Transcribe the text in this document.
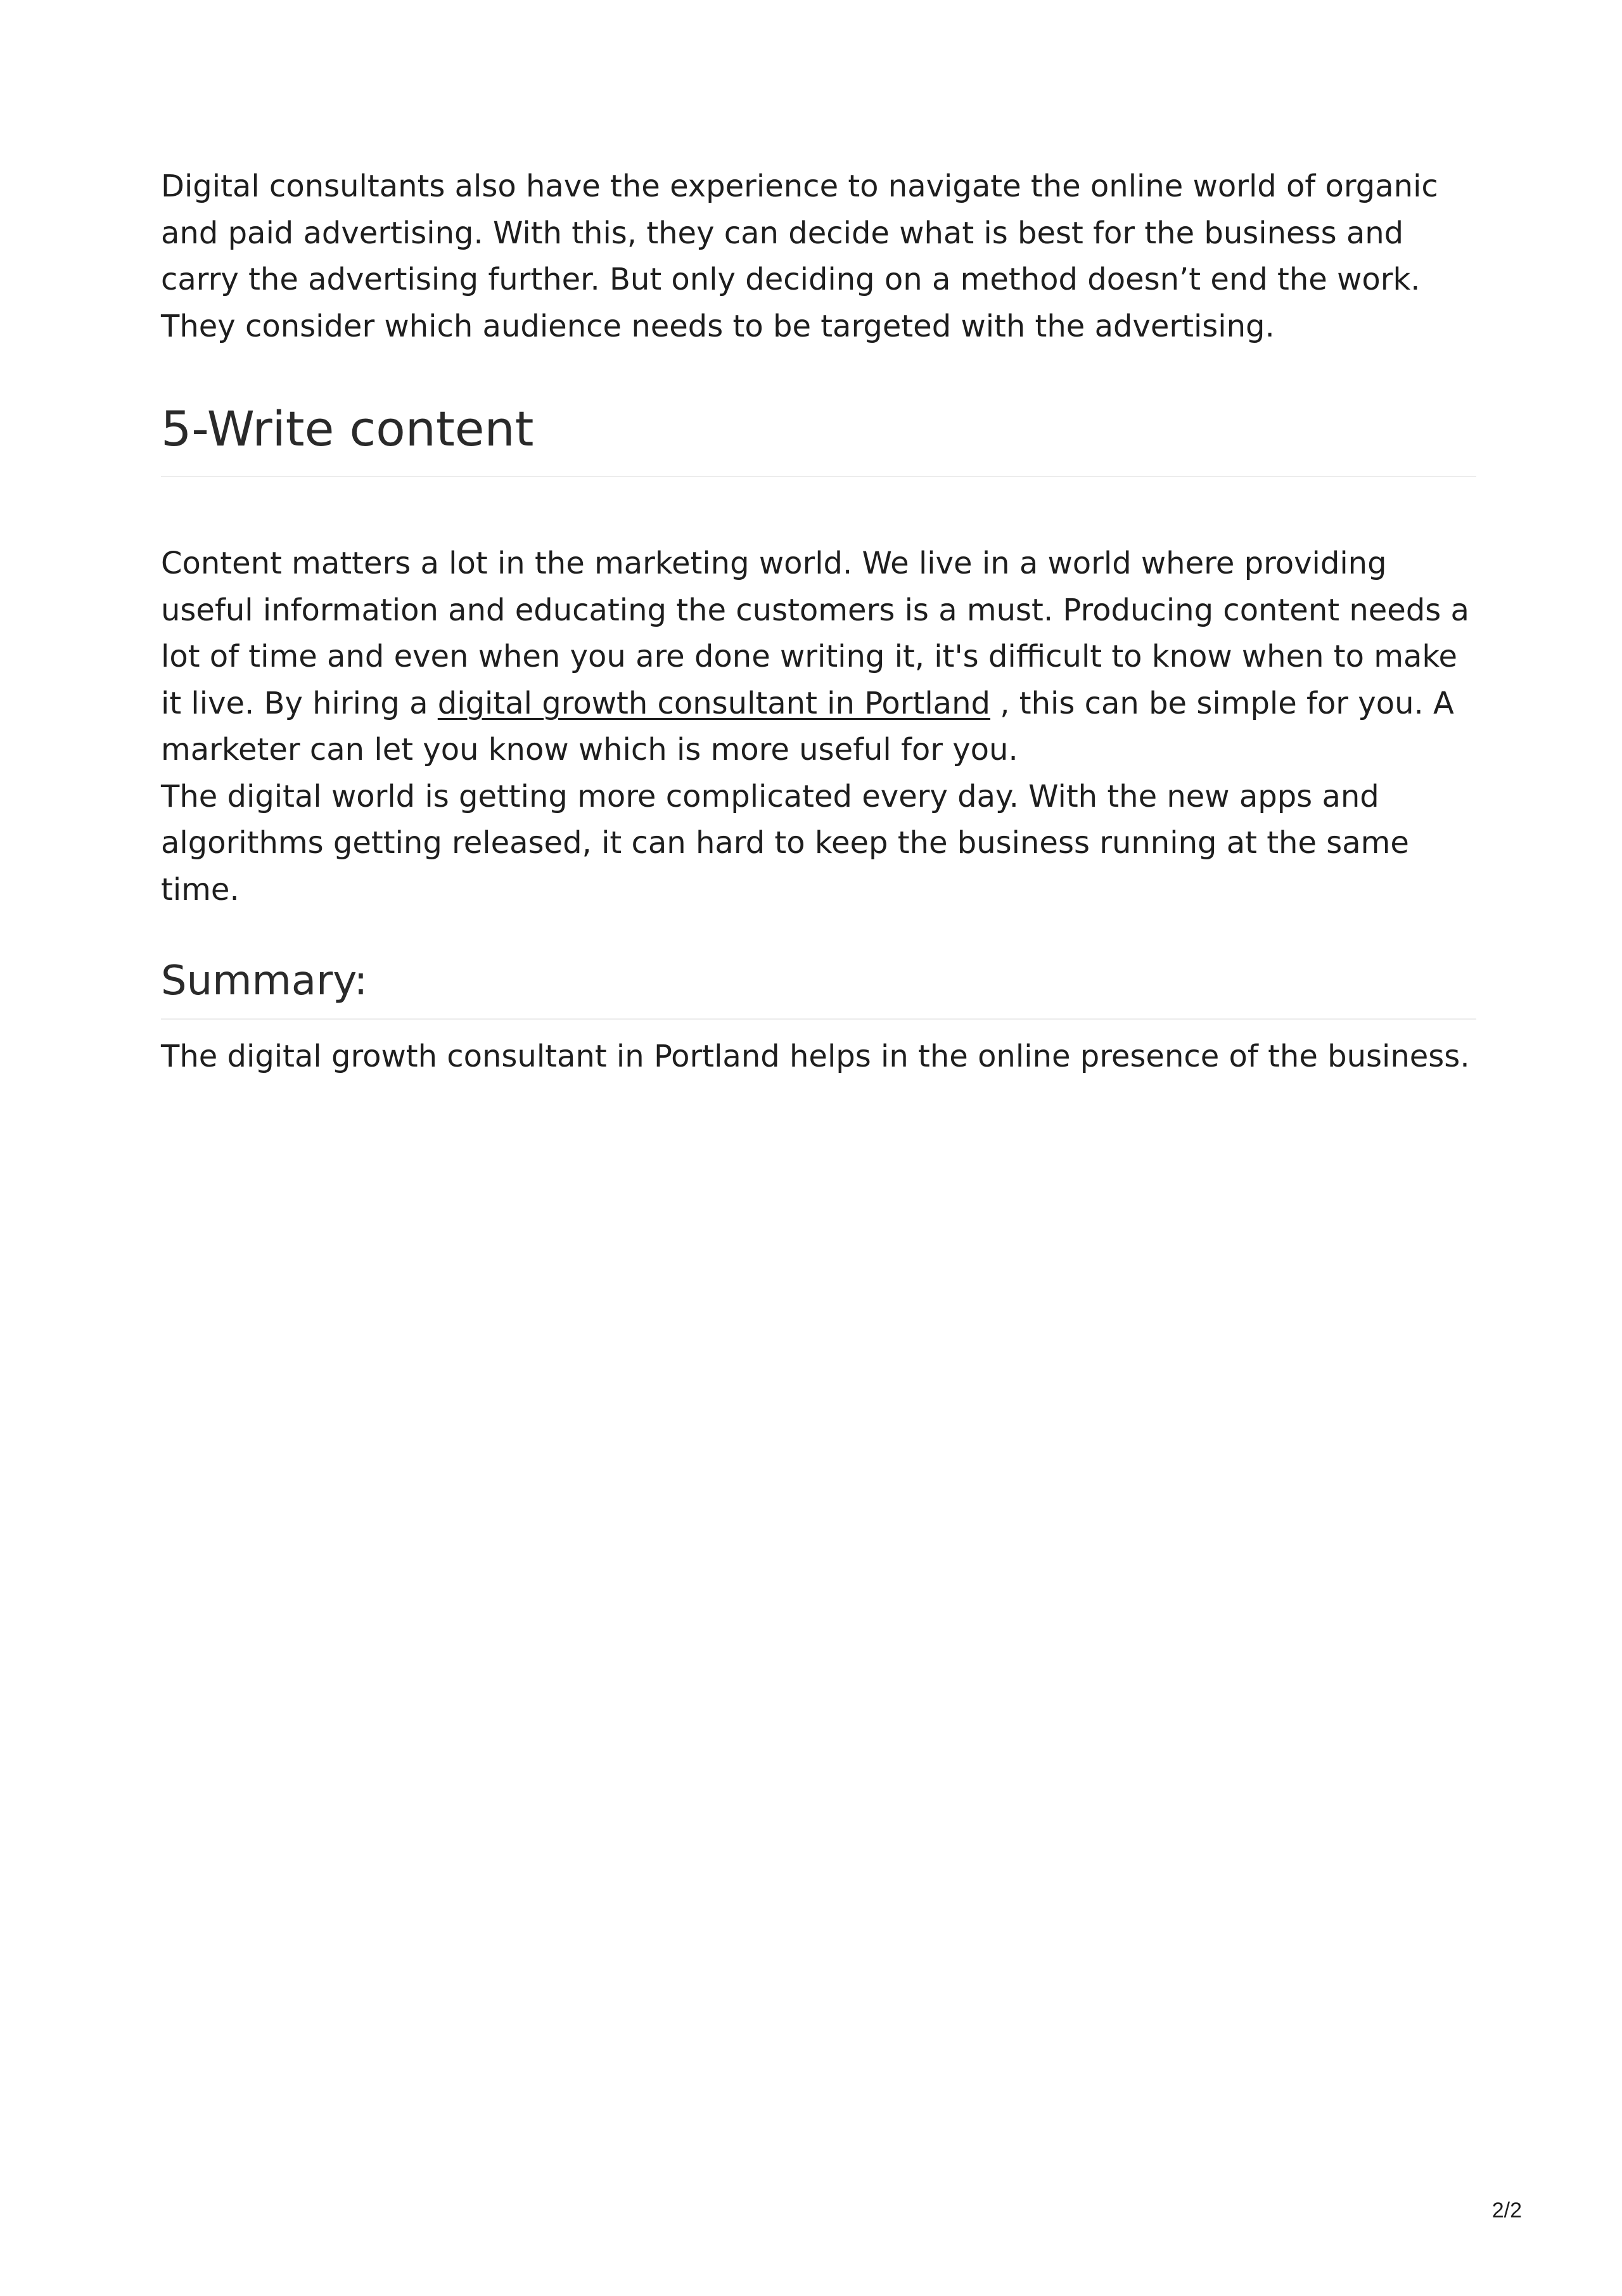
Digital consultants also have the experience to navigate the online world of organic and paid advertising. With this, they can decide what is best for the business and carry the advertising further. But only deciding on a method doesn’t end the work. They consider which audience needs to be targeted with the advertising.

5-Write content

Content matters a lot in the marketing world. We live in a world where providing useful information and educating the customers is a must. Producing content needs a lot of time and even when you are done writing it, it's difficult to know when to make it live. By hiring a digital growth consultant in Portland , this can be simple for you. A marketer can let you know which is more useful for you.
The digital world is getting more complicated every day. With the new apps and algorithms getting released, it can hard to keep the business running at the same time.

Summary:

The digital growth consultant in Portland helps in the online presence of the business.

2/2
